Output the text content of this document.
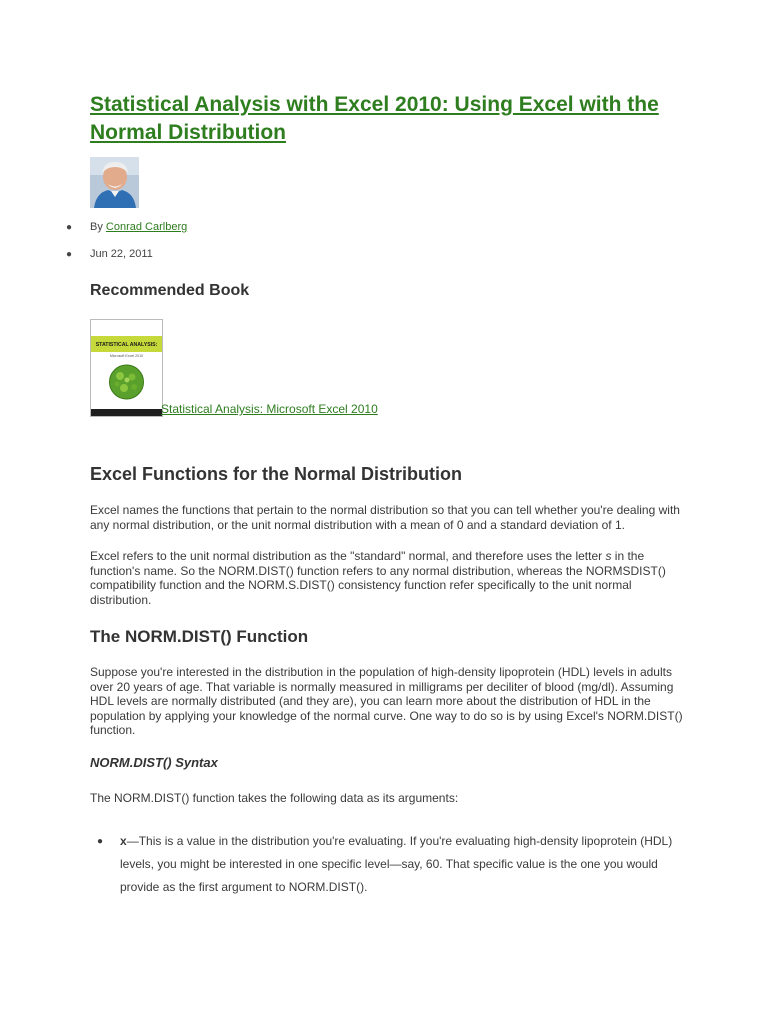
Statistical Analysis with Excel 2010: Using Excel with the Normal Distribution
● By Conrad Carlberg
● Jun 22, 2011
Recommended Book
STATISTICAL ANALYSIS:
Microsoft Excel 2010
Statistical Analysis: Microsoft Excel 2010
Excel Functions for the Normal Distribution

Excel names the functions that pertain to the normal distribution so that you can tell whether you're dealing with any normal distribution, or the unit normal distribution with a mean of 0 and a standard deviation of 1.

Excel refers to the unit normal distribution as the "standard" normal, and therefore uses the letter s in the function's name. So the NORM.DIST() function refers to any normal distribution, whereas the NORMSDIST() compatibility function and the NORM.S.DIST() consistency function refer specifically to the unit normal distribution.

The NORM.DIST() Function

Suppose you're interested in the distribution in the population of high-density lipoprotein (HDL) levels in adults over 20 years of age. That variable is normally measured in milligrams per deciliter of blood (mg/dl). Assuming HDL levels are normally distributed (and they are), you can learn more about the distribution of HDL in the population by applying your knowledge of the normal curve. One way to do so is by using Excel's NORM.DIST() function.

NORM.DIST() Syntax

The NORM.DIST() function takes the following data as its arguments:

● x—This is a value in the distribution you're evaluating. If you're evaluating high-density lipoprotein (HDL) levels, you might be interested in one specific level—say, 60. That specific value is the one you would provide as the first argument to NORM.DIST().
